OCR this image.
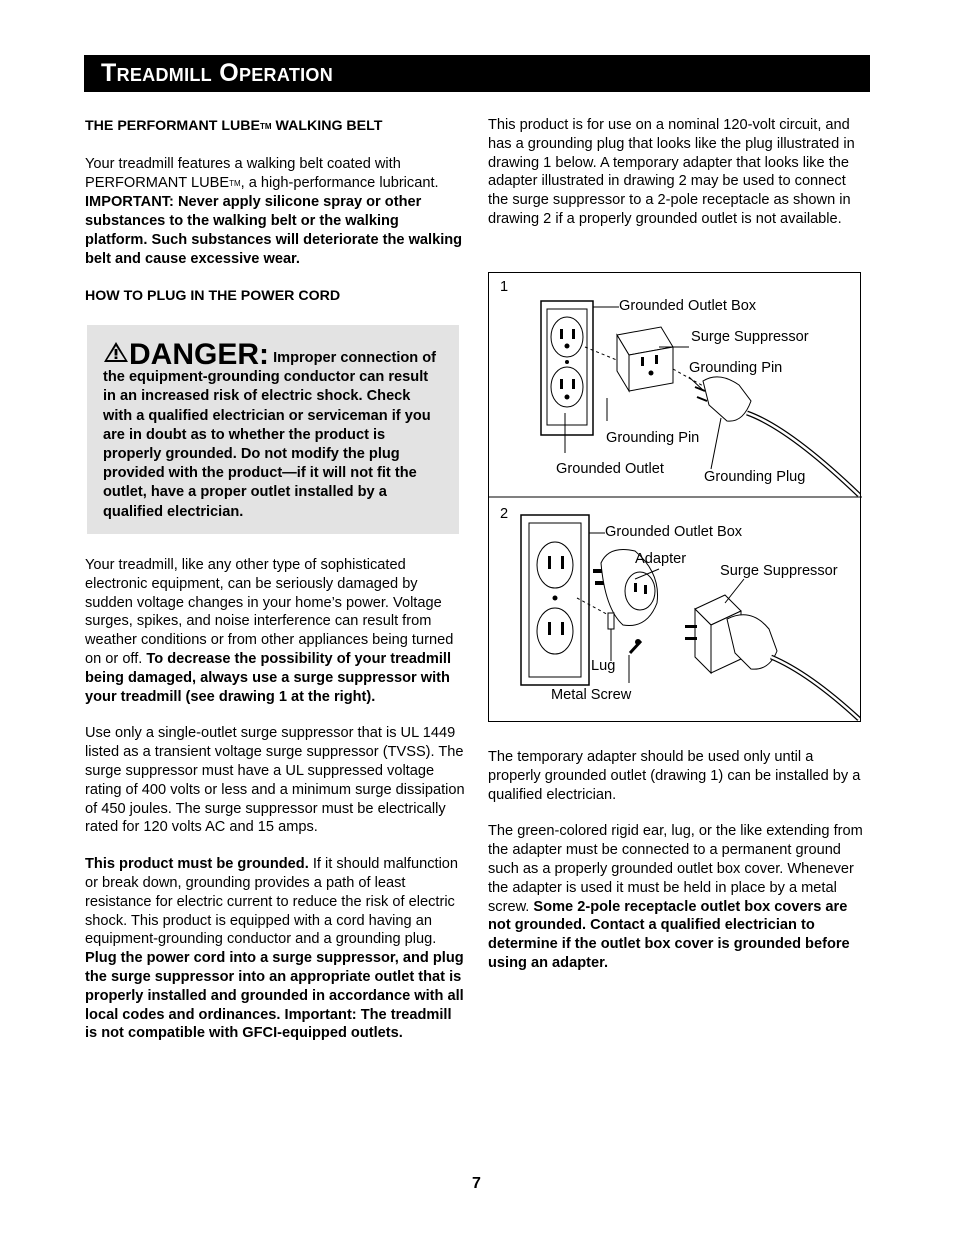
Treadmill Operation

THE PERFORMANT LUBETM WALKING BELT

Your treadmill features a walking belt coated with PERFORMANT LUBETM, a high-performance lubricant. IMPORTANT: Never apply silicone spray or other substances to the walking belt or the walking platform. Such substances will deteriorate the walking belt and cause excessive wear.

HOW TO PLUG IN THE POWER CORD

DANGER: Improper connection of the equipment-grounding conductor can result in an increased risk of electric shock. Check with a qualified electrician or serviceman if you are in doubt as to whether the product is properly grounded. Do not modify the plug provided with the product—if it will not fit the outlet, have a proper outlet installed by a qualified electrician.

Your treadmill, like any other type of sophisticated electronic equipment, can be seriously damaged by sudden voltage changes in your home’s power. Voltage surges, spikes, and noise interference can result from weather conditions or from other appliances being turned on or off. To decrease the possibility of your treadmill being damaged, always use a surge suppressor with your treadmill (see drawing 1 at the right).

Use only a single-outlet surge suppressor that is UL 1449 listed as a transient voltage surge suppressor (TVSS). The surge suppressor must have a UL suppressed voltage rating of 400 volts or less and a minimum surge dissipation of 450 joules. The surge suppressor must be electrically rated for 120 volts AC and 15 amps.

This product must be grounded. If it should malfunction or break down, grounding provides a path of least resistance for electric current to reduce the risk of electric shock. This product is equipped with a cord having an equipment-grounding conductor and a grounding plug. Plug the power cord into a surge suppressor, and plug the surge suppressor into an appropriate outlet that is properly installed and grounded in accordance with all local codes and ordinances. Important: The treadmill is not compatible with GFCI-equipped outlets.

This product is for use on a nominal 120-volt circuit, and has a grounding plug that looks like the plug illustrated in drawing 1 below. A temporary adapter that looks like the adapter illustrated in drawing 2 may be used to connect the surge suppressor to a 2-pole receptacle as shown in drawing 2 if a properly grounded outlet is not available.

1
Grounded Outlet Box
Surge Suppressor
Grounding Pin
Grounding Pin
Grounded Outlet	Grounding Plug
2
Grounded Outlet Box
Adapter
Surge Suppressor
Lug
Metal Screw

The temporary adapter should be used only until a properly grounded outlet (drawing 1) can be installed by a qualified electrician.

The green-colored rigid ear, lug, or the like extending from the adapter must be connected to a permanent ground such as a properly grounded outlet box cover. Whenever the adapter is used it must be held in place by a metal screw. Some 2-pole receptacle outlet box covers are not grounded. Contact a qualified electrician to determine if the outlet box cover is grounded before using an adapter.

7
